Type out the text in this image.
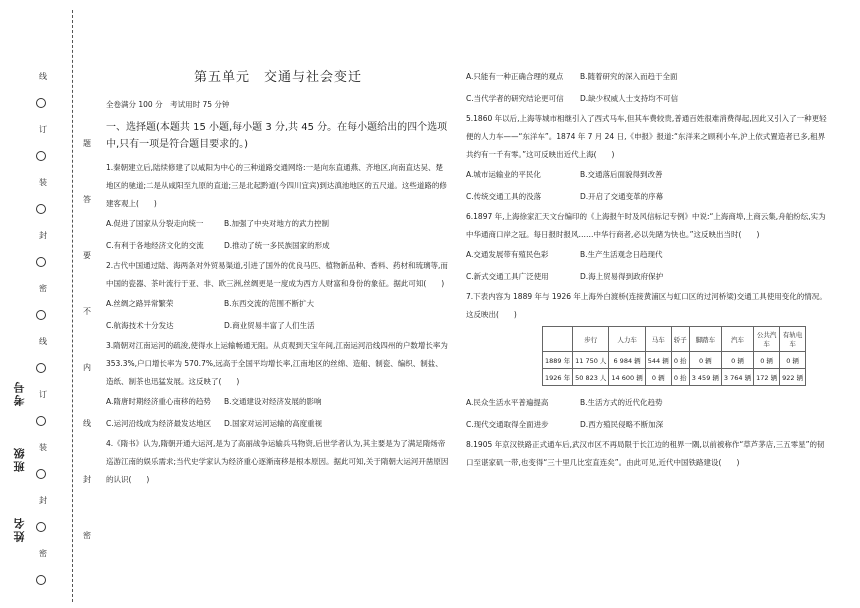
线
订
装
封
密
线
订
装
封
密
题
答
要
不
内
线
封
密
考号
班级
姓名
第五单元　交通与社会变迁
全卷满分 100 分　考试用时 75 分钟
一、选择题(本题共 15 小题,每小题 3 分,共 45 分。在每小题给出的四个选项中,只有一项是符合题目要求的。)

1.秦朝建立后,陆续修建了以咸阳为中心的三种道路交通网络:一是向东直通燕、齐地区,向南直达吴、楚地区的驰道;二是从咸阳至九原的直道;三是北起黔道(今四川宜宾)到达滇池地区的五尺道。这些道路的修建客观上(　　)

A.促进了国家从分裂走向统一	B.加强了中央对地方的武力控制
C.有利于各地经济文化的交流	D.推动了统一多民族国家的形成

2.古代中国通过陆、海两条对外贸易渠道,引进了国外的优良马匹、植物新品种、香料、药材和琉璃等,而中国的瓷器、茶叶流行于亚、非、欧三洲,丝绸更是一度成为西方人财富和身份的象征。据此可知(　　)

A.丝绸之路异常繁荣	B.东西交流的范围不断扩大
C.航海技术十分发达	D.商业贸易丰富了人们生活

3.隋朝对江南运河的疏浚,使得水上运输畅通无阻。从贞观到天宝年间,江南运河沿线四州的户数增长率为 353.3%,户口增长率为 570.7%,远高于全国平均增长率,江南地区的丝绵、造船、制瓷、编织、制盐、造纸、制茶也迅猛发展。这反映了(　　)

A.隋唐时期经济重心南移的趋势	B.交通建设对经济发展的影响
C.运河沿线成为经济最发达地区	D.国家对运河运输的高度重视

4.《隋书》认为,隋朝开通大运河,是为了高丽战争运输兵马物资,后世学者认为,其主要是为了满足隋炀帝巡游江南的娱乐需求;当代史学家认为经济重心逐渐南移是根本原因。据此可知,关于隋朝大运河开凿原因的认识(　　)

A.只能有一种正确合理的观点	B.随着研究的深入而趋于全面
C.当代学者的研究结论更可信	D.缺少权威人士支持均不可信

5.1860 年以后,上海等城市相继引入了西式马车,但其车费较贵,普通百姓很难消费得起,因此又引入了一种更轻便的人力车——“东洋车”。1874 年 7 月 24 日,《申报》报道:“东洋来之顾利小车,沪上依式置造者已多,租界共约有一千有零。”这可反映出近代上海(　　)

A.城市运输业的平民化	B.交通落后面貌得到改善
C.传统交通工具的没落	D.开启了交通变革的序幕

6.1897 年,上海徐家汇天文台编印的《上海报午时及风信标记专例》中说:“上海商埠,上商云集,舟舶纷纭,实为中华通商口岸之冠。每日报时报风……中华行商者,必以先睹为快也。”这反映出当时(　　)

A.交通发展带有殖民色彩	B.生产生活观念日趋现代
C.新式交通工具广泛使用	D.海上贸易得到政府保护

7.下表内容为 1889 年与 1926 年上海外白渡桥(连接黄浦区与虹口区的过河桥梁)交通工具使用变化的情况。这反映出(　　)

	步行	人力车	马车	轿子	脚踏车	汽车	公共汽车	有轨电车
1889 年	11 750 人	6 984 辆	544 辆	0 抬	0 辆	0 辆	0 辆	0 辆
1926 年	50 823 人	14 600 辆	0 辆	0 抬	3 459 辆	3 764 辆	172 辆	922 辆
A.民众生活水平普遍提高	B.生活方式的近代化趋势
C.现代交通取得全面进步	D.西方殖民侵略不断加深

8.1905 年京汉铁路正式通车后,武汉市区不再局限于长江边的租界一隅,以前被称作“草芦茅店,三五零星”的韧口至谌家矶一带,也变得“三十里几比室直连矣”。由此可见,近代中国铁路建设(　　)
